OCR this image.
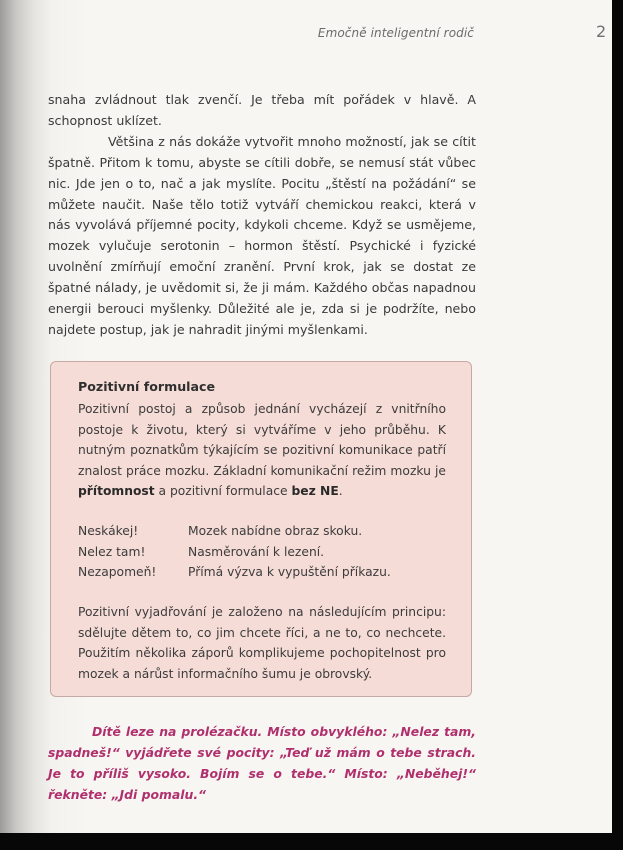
Emočně inteligentní rodič	2

snaha zvládnout tlak zvenčí. Je třeba mít pořádek v hlavě. A schopnost uklízet.

Většina z nás dokáže vytvořit mnoho možností, jak se cítit špatně. Přitom k tomu, abyste se cítili dobře, se nemusí stát vůbec nic. Jde jen o to, nač a jak myslíte. Pocitu „štěstí na požádání“ se můžete naučit. Naše tělo totiž vytváří chemickou reakci, která v nás vyvolává příjemné pocity, kdykoli chceme. Když se usmějeme, mozek vylučuje serotonin – hormon štěstí. Psychické i fyzické uvolnění zmírňují emoční zranění. První krok, jak se dostat ze špatné nálady, je uvědomit si, že ji mám. Každého občas napadnou energii berouci myšlenky. Důležité ale je, zda si je podržíte, nebo najdete postup, jak je nahradit jinými myšlenkami.

Pozitivní formulace
Pozitivní postoj a způsob jednání vycházejí z vnitřního postoje k životu, který si vytváříme v jeho průběhu. K nutným poznatkům týkajícím se pozitivní komunikace patří znalost práce mozku. Základní komunikační režim mozku je přítomnost a pozitivní formulace bez NE.
Neskákej!	Mozek nabídne obraz skoku.
Nelez tam!	Nasměrování k lezení.
Nezapomeň!	Přímá výzva k vypuštění příkazu.
Pozitivní vyjadřování je založeno na následujícím principu: sdělujte dětem to, co jim chcete říci, a ne to, co nechcete. Použitím několika záporů komplikujeme pochopitelnost pro mozek a nárůst informačního šumu je obrovský.

Dítě leze na prolézačku. Místo obvyklého: „Nelez tam, spadneš!“ vyjádřete své pocity: „Teď už mám o tebe strach. Je to příliš vysoko. Bojím se o tebe.“ Místo: „Neběhej!“ řekněte: „Jdi pomalu.“
